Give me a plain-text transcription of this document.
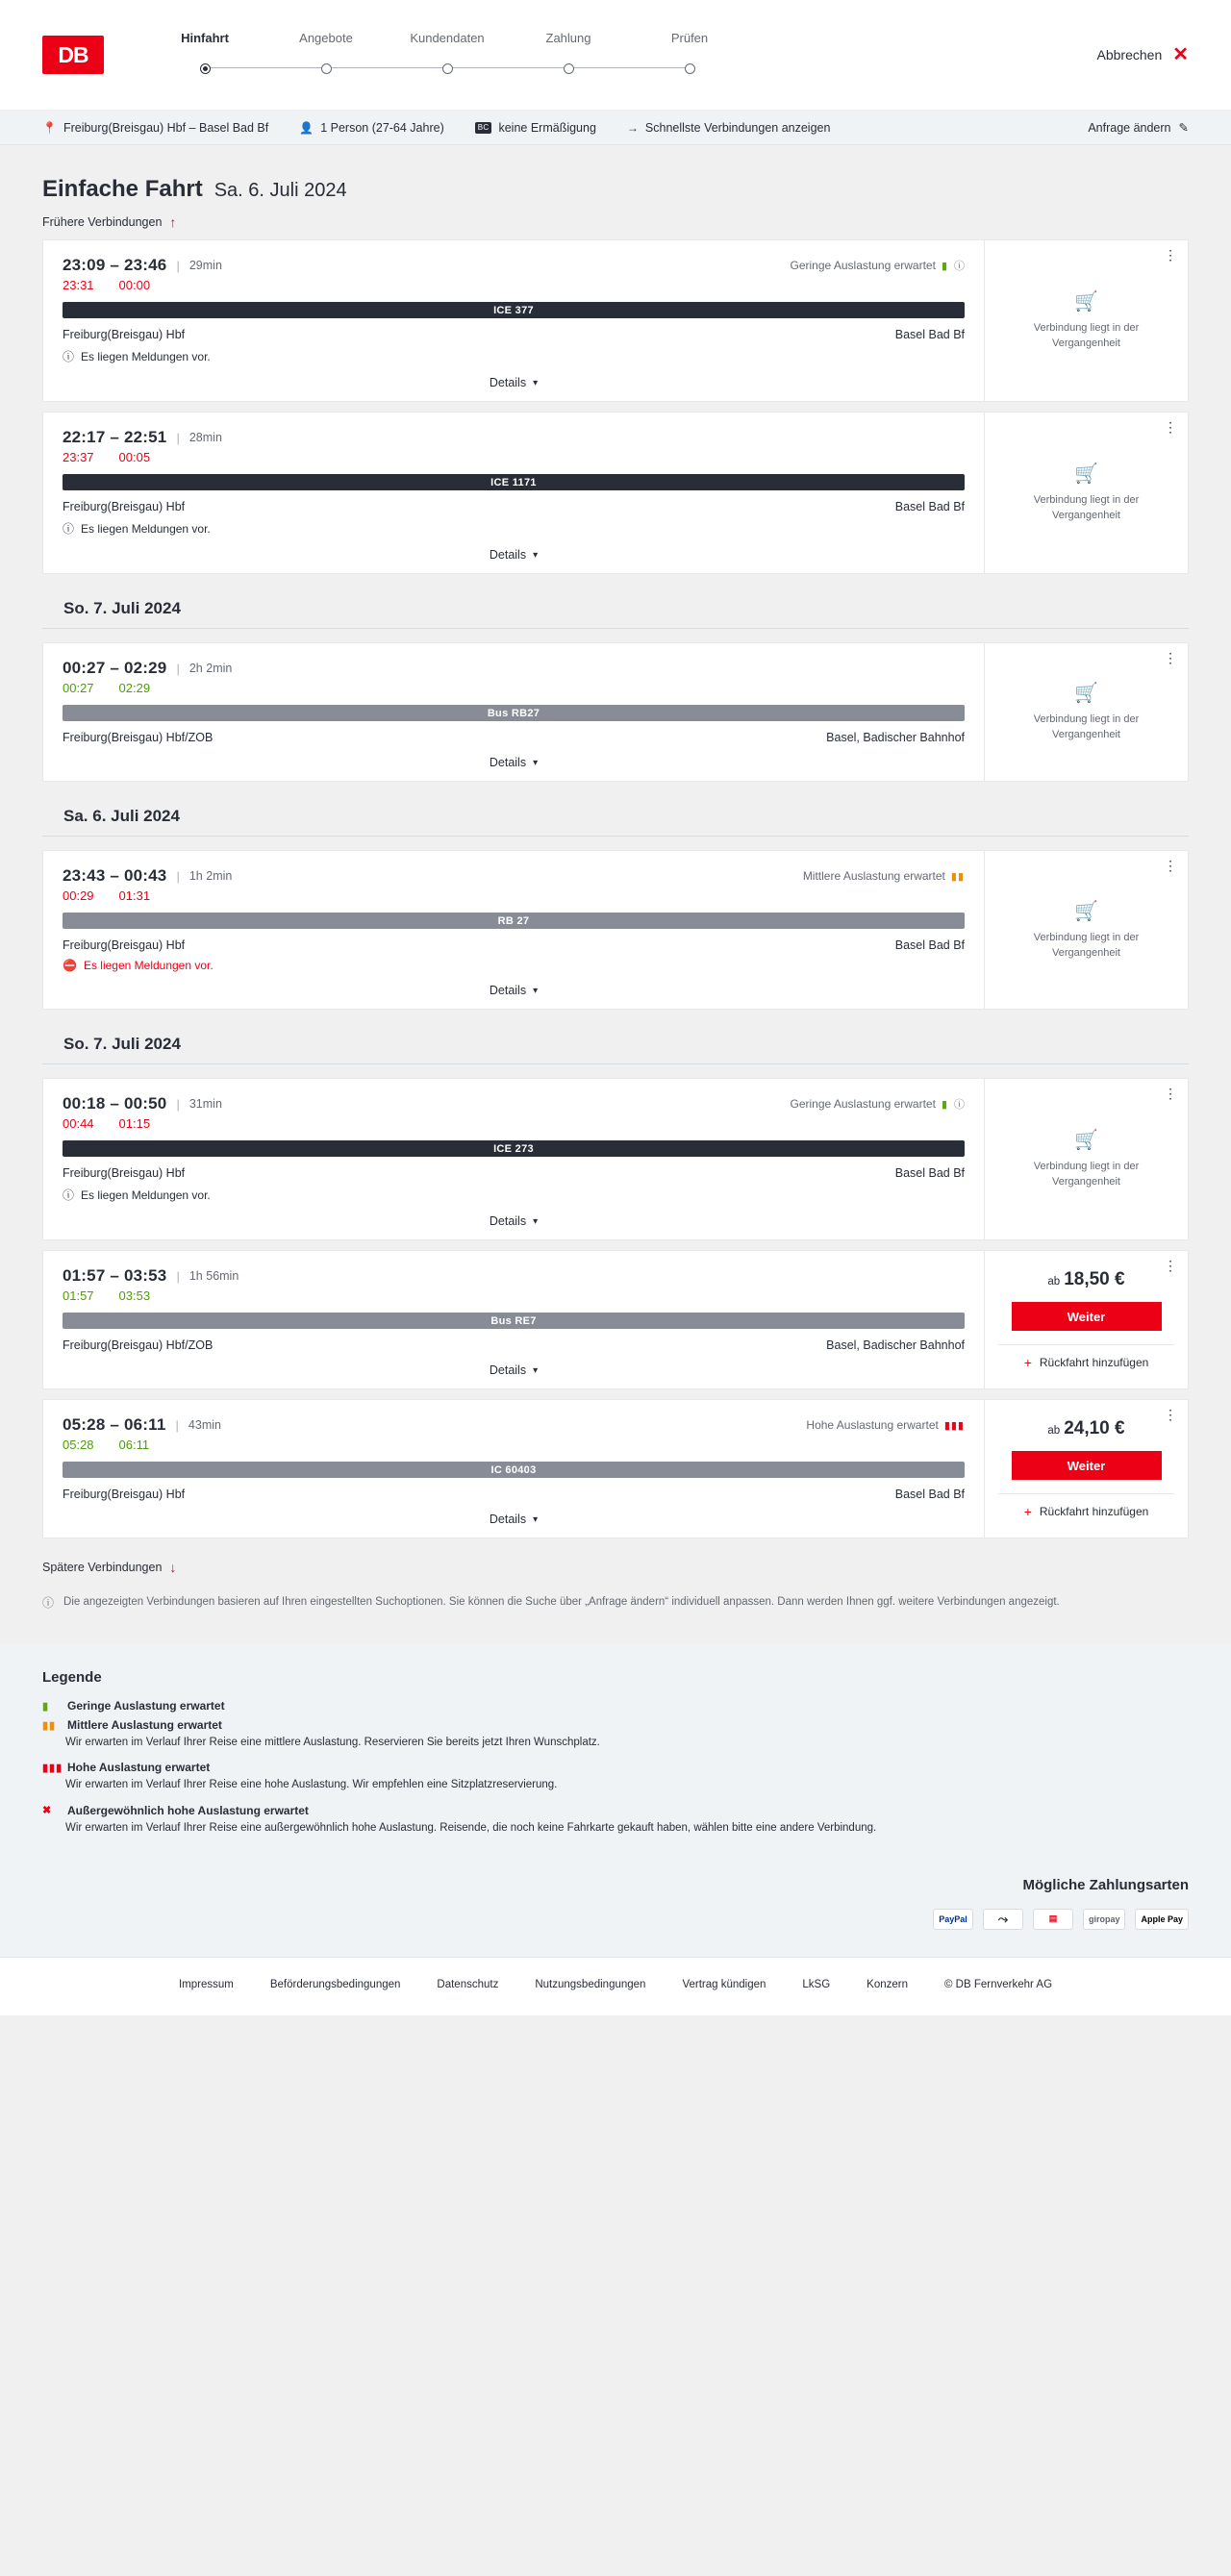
DB
Hinfahrt	Angebote	Kundendaten	Zahlung	Prüfen
Abbrechen ✕
📍 Freiburg(Breisgau) Hbf – Basel Bad Bf	👤 1 Person (27-64 Jahre)	BC keine Ermäßigung	→ Schnellste Verbindungen anzeigen	Anfrage ändern ✎
Einfache Fahrt Sa. 6. Juli 2024
Frühere Verbindungen ↑
23:09 – 23:46 | 29min	Geringe Auslastung erwartet ▮ ⓘ
23:31 00:00
ICE 377
Freiburg(Breisgau) Hbf	Basel Bad Bf
ⓘ Es liegen Meldungen vor.
Details ▾
⋮
🛒
Verbindung liegt in der Vergangenheit
22:17 – 22:51 | 28min
23:37 00:05
ICE 1171
Freiburg(Breisgau) Hbf	Basel Bad Bf
ⓘ Es liegen Meldungen vor.
Details ▾
⋮
🛒
Verbindung liegt in der Vergangenheit
So. 7. Juli 2024
00:27 – 02:29 | 2h 2min
00:27 02:29
Bus RB27
Freiburg(Breisgau) Hbf/ZOB	Basel, Badischer Bahnhof
Details ▾
⋮
🛒
Verbindung liegt in der Vergangenheit
Sa. 6. Juli 2024
23:43 – 00:43 | 1h 2min	Mittlere Auslastung erwartet ▮▮
00:29 01:31
RB 27
Freiburg(Breisgau) Hbf	Basel Bad Bf
⛔ Es liegen Meldungen vor.
Details ▾
⋮
🛒
Verbindung liegt in der Vergangenheit
So. 7. Juli 2024
00:18 – 00:50 | 31min	Geringe Auslastung erwartet ▮ ⓘ
00:44 01:15
ICE 273
Freiburg(Breisgau) Hbf	Basel Bad Bf
ⓘ Es liegen Meldungen vor.
Details ▾
⋮
🛒
Verbindung liegt in der Vergangenheit
01:57 – 03:53 | 1h 56min
01:57 03:53
Bus RE7
Freiburg(Breisgau) Hbf/ZOB	Basel, Badischer Bahnhof
Details ▾
⋮
ab 18,50 €
Weiter
+ Rückfahrt hinzufügen
05:28 – 06:11 | 43min	Hohe Auslastung erwartet ▮▮▮
05:28 06:11
IC 60403
Freiburg(Breisgau) Hbf	Basel Bad Bf
Details ▾
⋮
ab 24,10 €
Weiter
+ Rückfahrt hinzufügen
Spätere Verbindungen ↓
ⓘ Die angezeigten Verbindungen basieren auf Ihren eingestellten Suchoptionen. Sie können die Suche über „Anfrage ändern“ individuell anpassen. Dann werden Ihnen ggf. weitere Verbindungen angezeigt.
Legende
▮	Geringe Auslastung erwartet
▮▮ Mittlere Auslastung erwartet

Wir erwarten im Verlauf Ihrer Reise eine mittlere Auslastung. Reservieren Sie bereits jetzt Ihren Wunschplatz.

▮▮▮ Hohe Auslastung erwartet

Wir erwarten im Verlauf Ihrer Reise eine hohe Auslastung. Wir empfehlen eine Sitzplatzreservierung.

✖	Außergewöhnlich hohe Auslastung erwartet

Wir erwarten im Verlauf Ihrer Reise eine außergewöhnlich hohe Auslastung. Reisende, die noch keine Fahrkarte gekauft haben, wählen bitte eine andere Verbindung.

Mögliche Zahlungsarten
PayPal	⤳	▤	giropay	Apple Pay
Impressum	Beförderungsbedingungen	Datenschutz	Nutzungsbedingungen	Vertrag kündigen	LkSG	Konzern	© DB Fernverkehr AG
